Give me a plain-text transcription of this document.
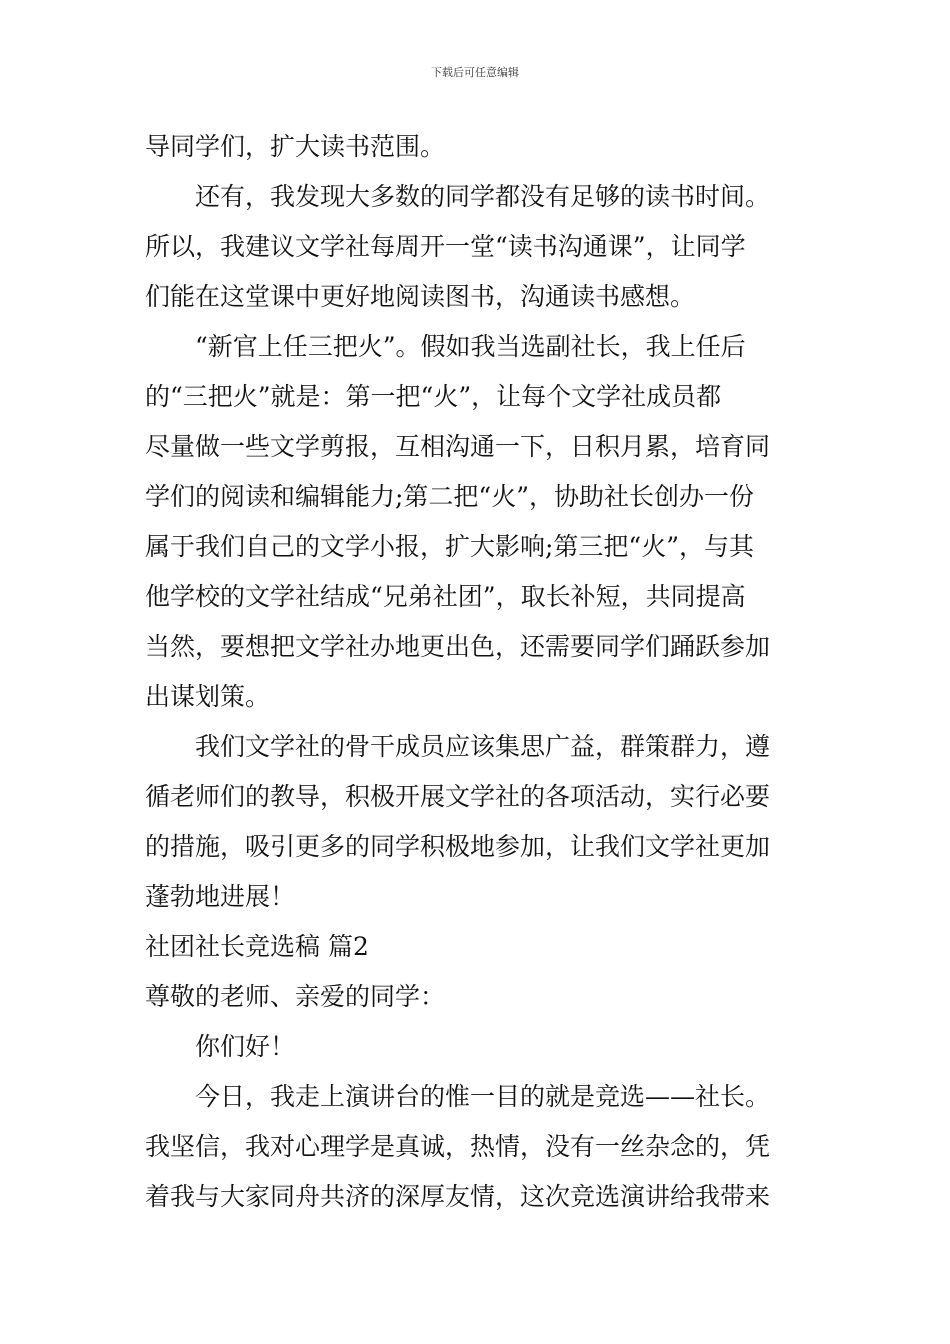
下载后可任意编辑
导同学们，扩大读书范围。
还有，我发现大多数的同学都没有足够的读书时间。
所以，我建议文学社每周开一堂“读书沟通课”，让同学
们能在这堂课中更好地阅读图书，沟通读书感想。
“新官上任三把火”。假如我当选副社长，我上任后
的“三把火”就是：第一把“火”，让每个文学社成员都
尽量做一些文学剪报，互相沟通一下，日积月累，培育同
学们的阅读和编辑能力;第二把“火”，协助社长创办一份
属于我们自己的文学小报，扩大影响;第三把“火”，与其
他学校的文学社结成“兄弟社团”，取长补短，共同提高
当然，要想把文学社办地更出色，还需要同学们踊跃参加
出谋划策。
我们文学社的骨干成员应该集思广益，群策群力，遵
循老师们的教导，积极开展文学社的各项活动，实行必要
的措施，吸引更多的同学积极地参加，让我们文学社更加
蓬勃地进展！
社团社长竞选稿 篇2
尊敬的老师、亲爱的同学：
你们好！
今日，我走上演讲台的惟一目的就是竞选——社长。
我坚信，我对心理学是真诚，热情，没有一丝杂念的，凭
着我与大家同舟共济的深厚友情，这次竞选演讲给我带来
